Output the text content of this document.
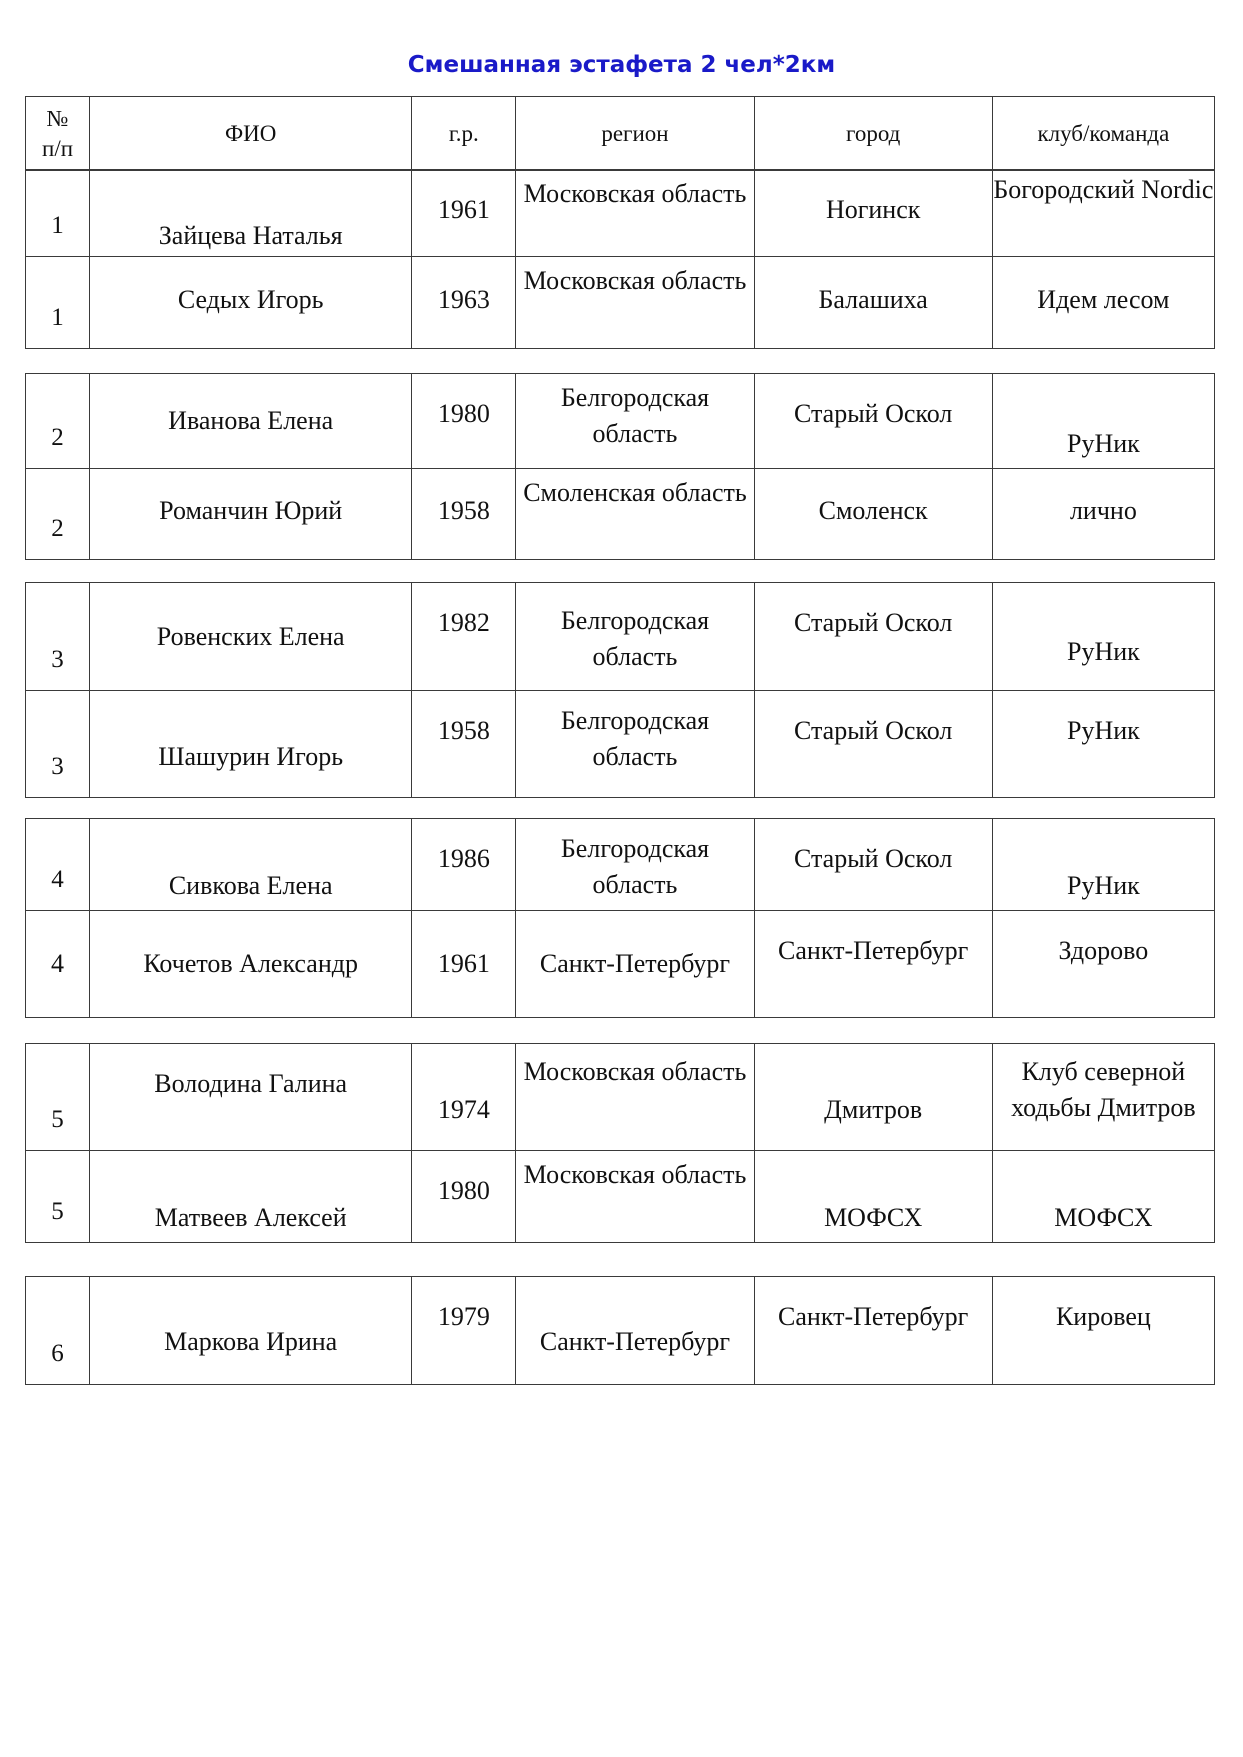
Смешанная эстафета 2 чел*2км
№
п/п
	ФИО	г.р.	регион	город	клуб/команда
1	Зайцева Наталья	1961	Московская область	Ногинск	Богородский Nordic
1	Седых Игорь	1963	Московская область	Балашиха	Идем лесом
2	Иванова Елена	1980	Белгородская область	Старый Оскол	РуНик
2	Романчин Юрий	1958	Смоленская область	Смоленск	лично
3	Ровенских Елена	1982	Белгородская область	Старый Оскол	РуНик
3	Шашурин Игорь	1958	Белгородская область	Старый Оскол	РуНик
4	Сивкова Елена	1986	Белгородская область	Старый Оскол	РуНик
4	Кочетов Александр	1961	Санкт-Петербург	Санкт-Петербург	Здорово
5	Володина Галина	1974	Московская область	Дмитров	Клуб северной ходьбы Дмитров
5	Матвеев Алексей	1980	Московская область	МОФСХ	МОФСХ
6	Маркова Ирина	1979	Санкт-Петербург	Санкт-Петербург	Кировец
